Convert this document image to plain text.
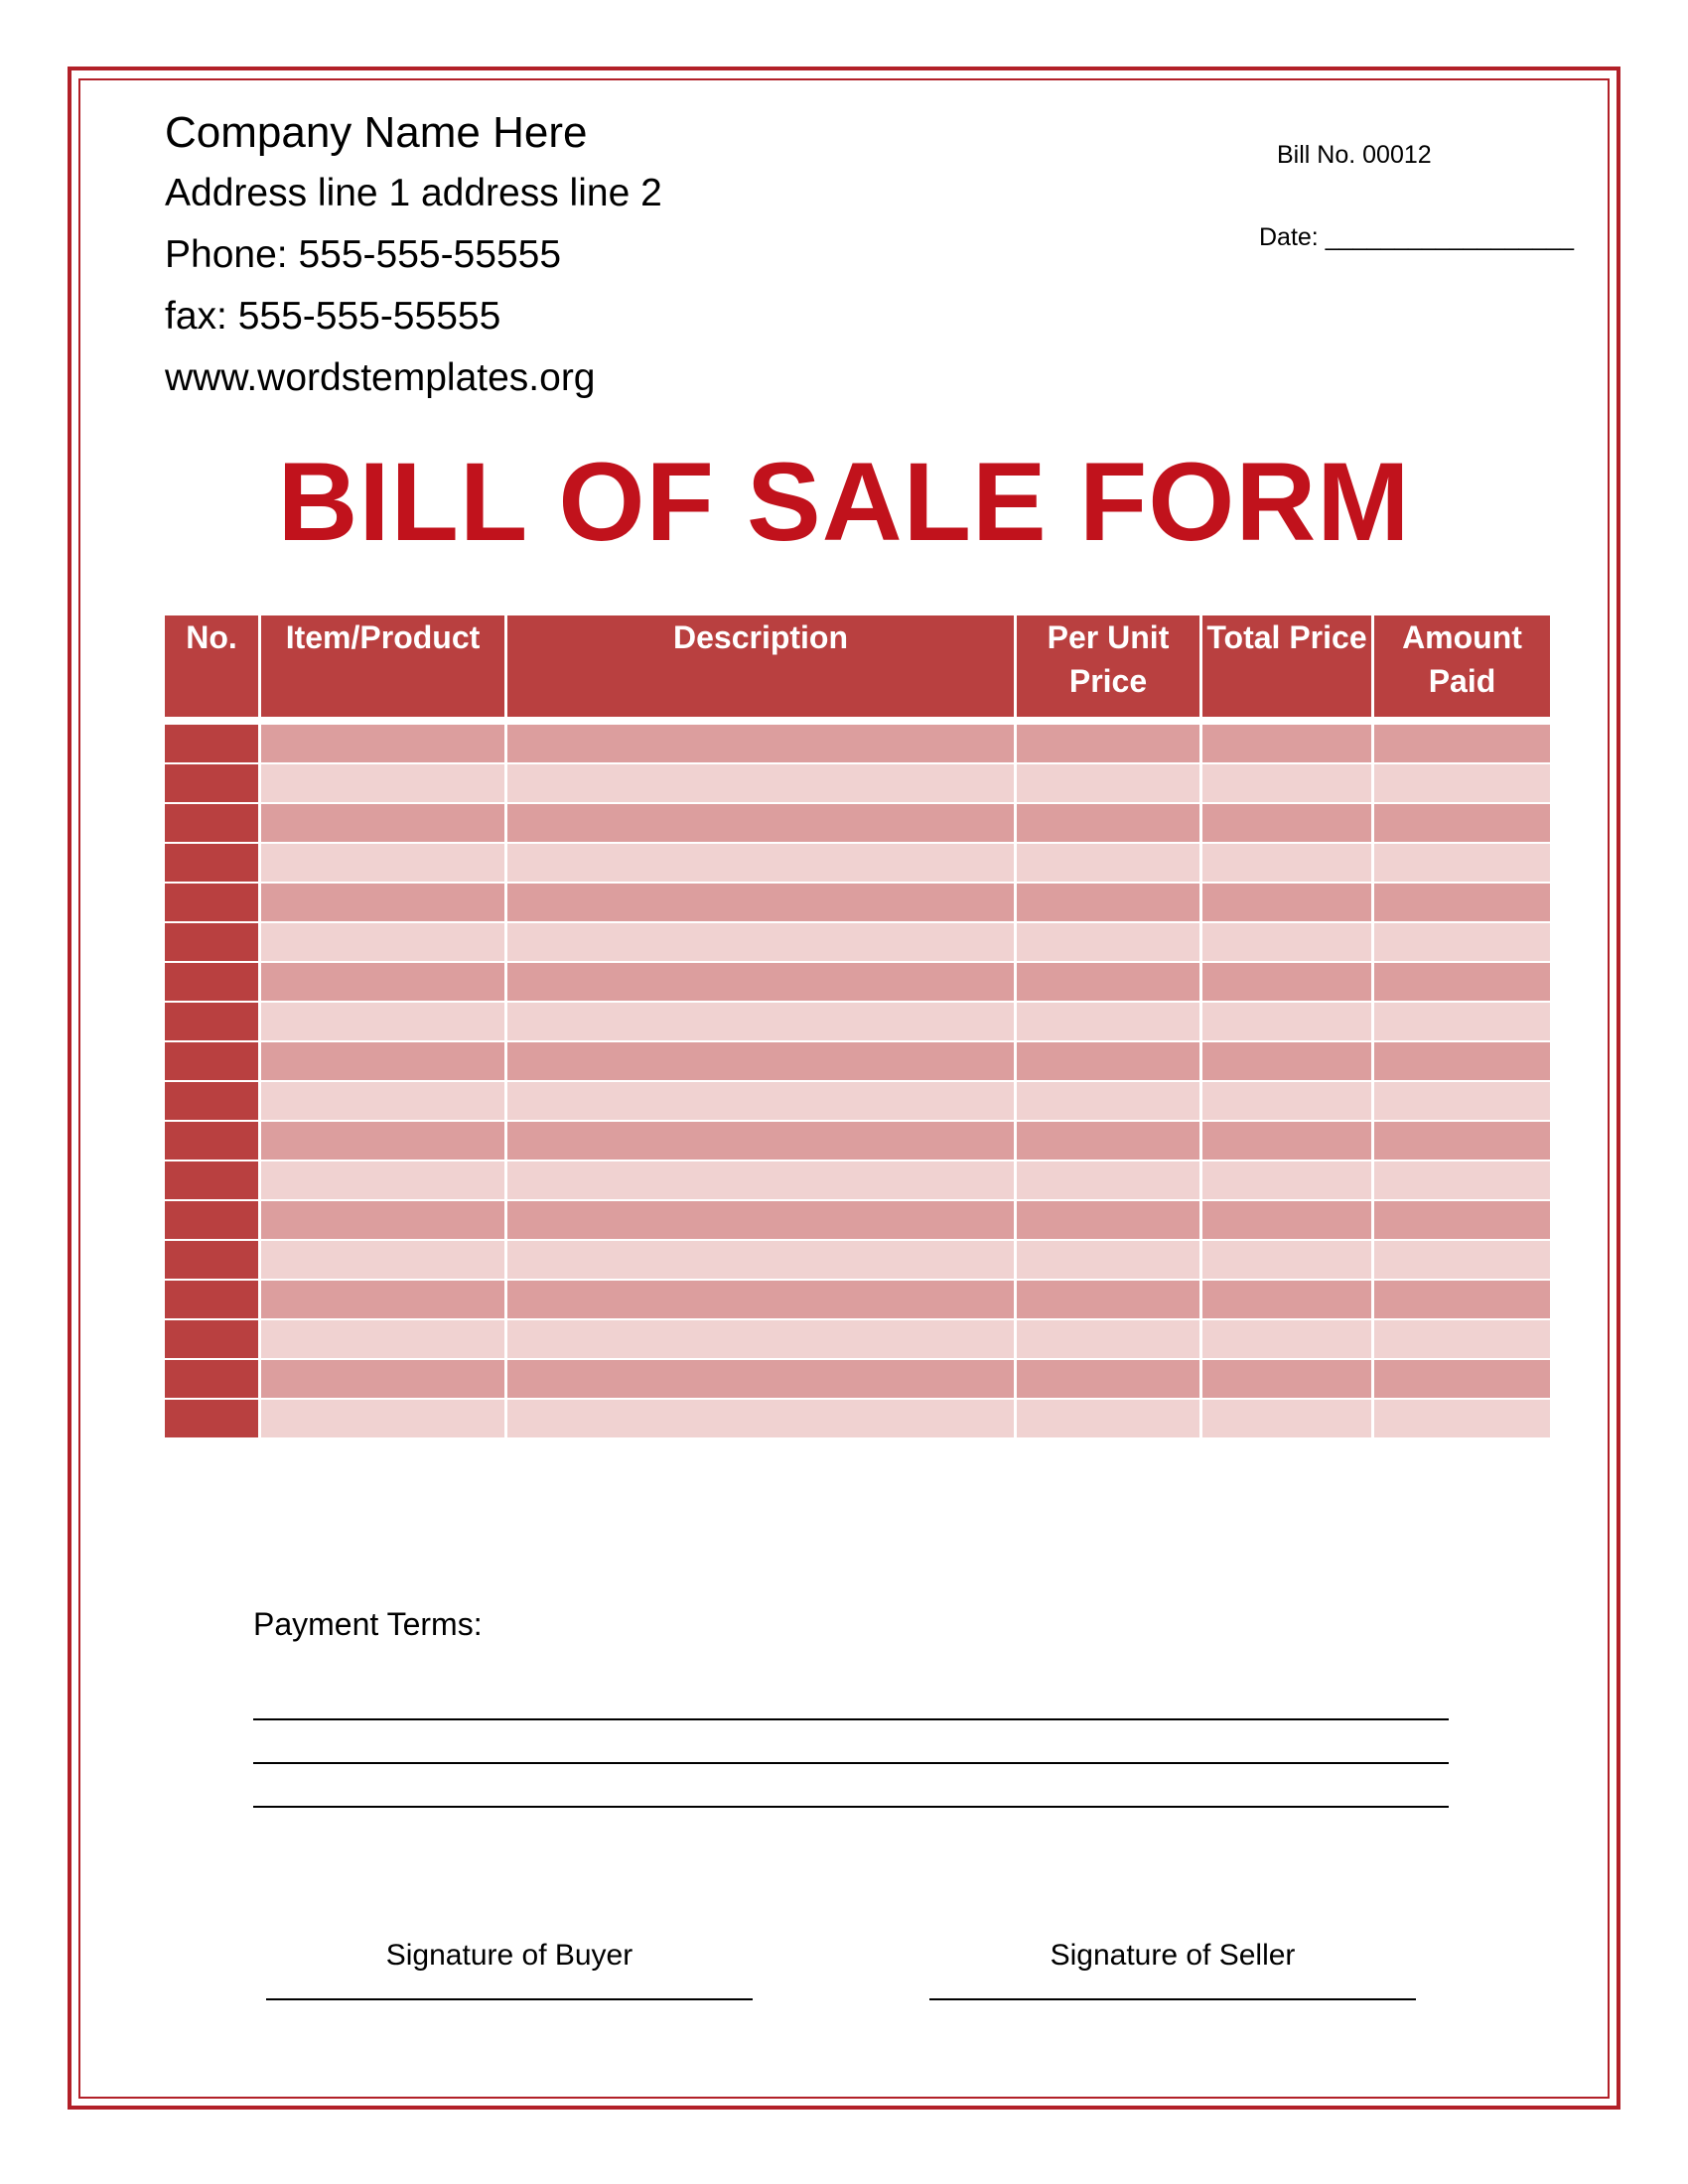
Company Name Here
Address line 1 address line 2
Phone: 555-555-55555
fax: 555-555-55555
www.wordstemplates.org
Bill No. 00012
Date: __________________
BILL OF SALE FORM
No.	Item/Product	Description	Per Unit Price	Total Price	Amount Paid

Payment Terms:
Signature of Buyer	Signature of Seller
